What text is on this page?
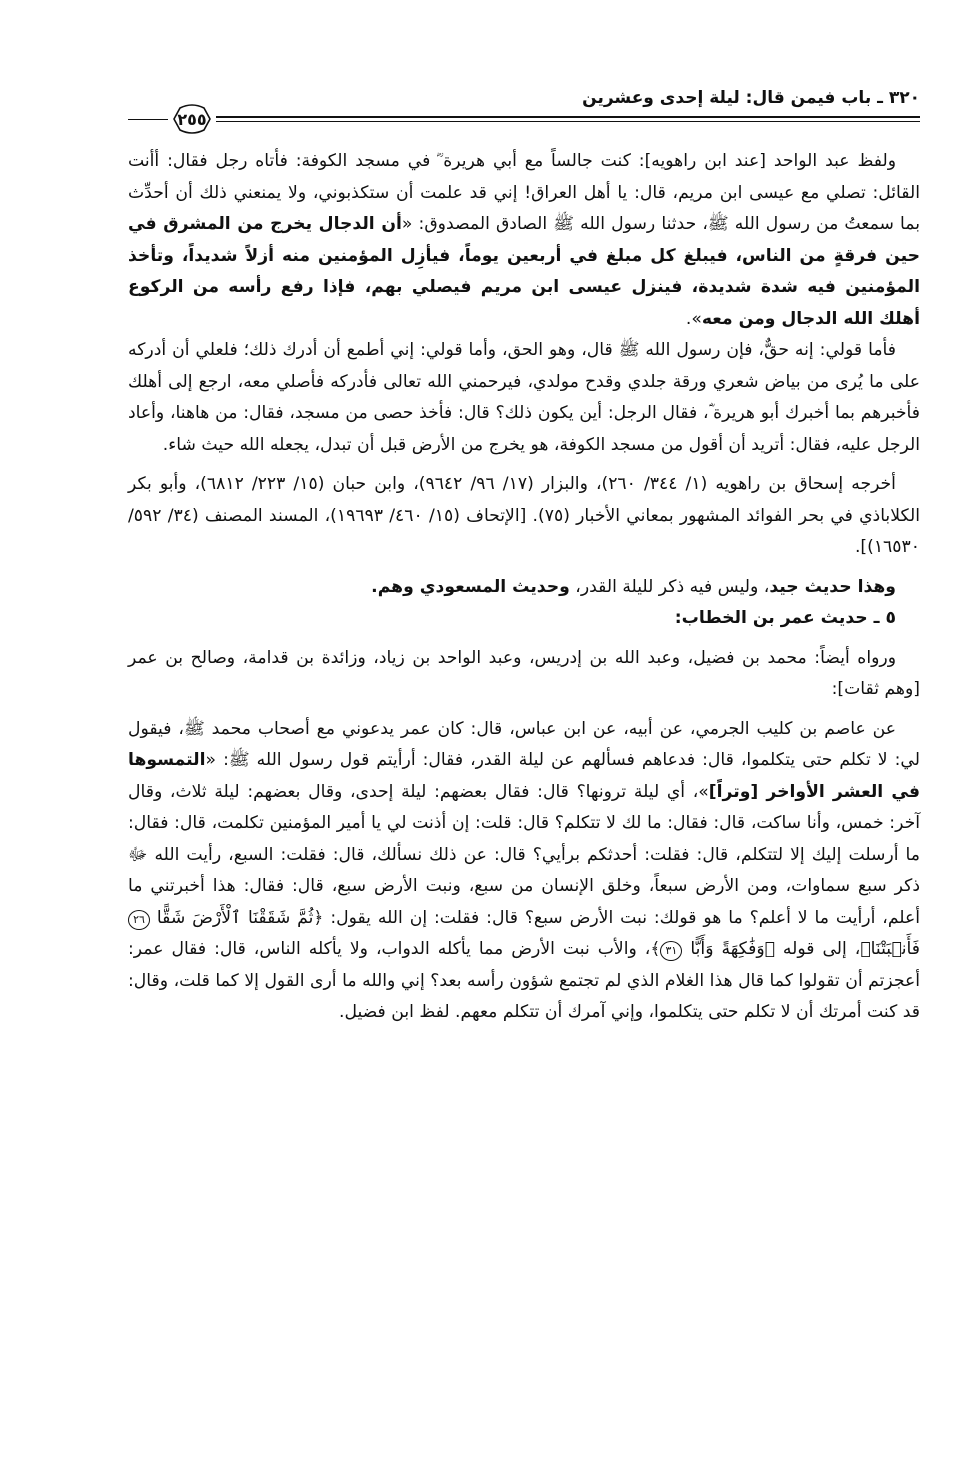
٣٢٠ ـ باب فيمن قال: ليلة إحدى وعشرين
٢٥٥

ولفظ عبد الواحد [عند ابن راهويه]: كنت جالساً مع أبي هريرة ؓ في مسجد الكوفة: فأتاه رجل فقال: أأنت القائل: تصلي مع عيسى ابن مريم، قال: يا أهل العراق! إني قد علمت أن ستكذبوني، ولا يمنعني ذلك أن أحدِّث بما سمعتُ من رسول الله ﷺ، حدثنا رسول الله ﷺ الصادق المصدوق: «أن الدجال يخرج من المشرق في حين فرقةٍ من الناس، فيبلغ كل مبلغ في أربعين يوماً، فيأزِل المؤمنين منه أزلاً شديداً، وتأخذ المؤمنين فيه شدة شديدة، فينزل عيسى ابن مريم فيصلي بهم، فإذا رفع رأسه من الركوع أهلك الله الدجال ومن معه».

فأما قولي: إنه حقٌّ، فإن رسول الله ﷺ قال، وهو الحق، وأما قولي: إني أطمع أن أدرك ذلك؛ فلعلي أن أدركه على ما يُرى من بياض شعري ورقة جلدي وقدح مولدي، فيرحمني الله تعالى فأدركه فأصلي معه، ارجع إلى أهلك فأخبرهم بما أخبرك أبو هريرة ؓ، فقال الرجل: أين يكون ذلك؟ قال: فأخذ حصى من مسجد، فقال: من هاهنا، وأعاد الرجل عليه، فقال: أتريد أن أقول من مسجد الكوفة، هو يخرج من الأرض قبل أن تبدل، يجعله الله حيث شاء.

أخرجه إسحاق بن راهويه (١/ ٣٤٤/ ٢٦٠)، والبزار (١٧/ ٩٦/ ٩٦٤٢)، وابن حبان (١٥/ ٢٢٣/ ٦٨١٢)، وأبو بكر الكلاباذي في بحر الفوائد المشهور بمعاني الأخبار (٧٥). [الإتحاف (١٥/ ٤٦٠/ ١٩٦٩٣)، المسند المصنف (٣٤/ ٥٩٢/ ١٦٥٣٠)].

وهذا حديث جيد، وليس فيه ذكر لليلة القدر، وحديث المسعودي وهم.

٥ ـ حديث عمر بن الخطاب:

ورواه أيضاً: محمد بن فضيل، وعبد الله بن إدريس، وعبد الواحد بن زياد، وزائدة بن قدامة، وصالح بن عمر [وهم ثقات]:

عن عاصم بن كليب الجرمي، عن أبيه، عن ابن عباس، قال: كان عمر يدعوني مع أصحاب محمد ﷺ، فيقول لي: لا تكلم حتى يتكلموا، قال: فدعاهم فسألهم عن ليلة القدر، فقال: أرأيتم قول رسول الله ﷺ: «التمسوها في العشر الأواخر [وتراً]»، أي ليلة ترونها؟ قال: فقال بعضهم: ليلة إحدى، وقال بعضهم: ليلة ثلاث، وقال آخر: خمس، وأنا ساكت، قال: فقال: ما لك لا تتكلم؟ قال: قلت: إن أذنت لي يا أمير المؤمنين تكلمت، قال: فقال: ما أرسلت إليك إلا لتتكلم، قال: فقلت: أحدثكم برأيي؟ قال: عن ذلك نسألك، قال: فقلت: السبع، رأيت الله ﷻ ذكر سبع سماوات، ومن الأرض سبعاً، وخلق الإنسان من سبع، ونبت الأرض سبع، قال: فقال: هذا أخبرتني ما أعلم، أرأيت ما لا أعلم؟ ما هو قولك: نبت الأرض سبع؟ قال: فقلت: إن الله يقول: ﴿ثُمَّ شَقَقْنَا ٱلْأَرْضَ شَقًّا ٢٦ فَأَنۢبَتْنَا﴾، إلى قوله ﴿وَفَٰكِهَةً وَأَبًّا ٣١﴾، والأب نبت الأرض مما يأكله الدواب، ولا يأكله الناس، قال: فقال عمر: أعجزتم أن تقولوا كما قال هذا الغلام الذي لم تجتمع شؤون رأسه بعد؟ إني والله ما أرى القول إلا كما قلت، وقال: قد كنت أمرتك أن لا تكلم حتى يتكلموا، وإني آمرك أن تتكلم معهم. لفظ ابن فضيل.
